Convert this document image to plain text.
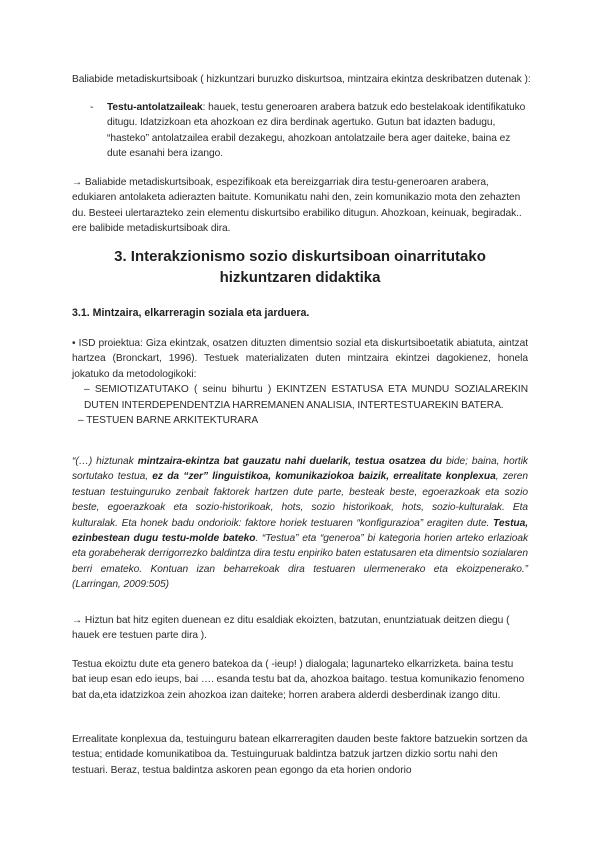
Baliabide metadiskurtsiboak ( hizkuntzari buruzko diskurtsoa, mintzaira ekintza deskribatzen dutenak ):

- Testu-antolatzaileak: hauek, testu generoaren arabera batzuk edo bestelakoak identifikatuko ditugu. Idatzizkoan eta ahozkoan ez dira berdinak agertuko. Gutun bat idazten badugu, “hasteko” antolatzailea erabil dezakegu, ahozkoan antolatzaile bera ager daiteke, baina ez dute esanahi bera izango.

→ Baliabide metadiskurtsiboak, espezifikoak eta bereizgarriak dira testu-generoaren arabera, edukiaren antolaketa adierazten baitute. Komunikatu nahi den, zein komunikazio mota den zehazten du. Besteei ulertarazteko zein elementu diskurtsibo erabiliko ditugun. Ahozkoan, keinuak, begiradak.. ere balibide metadiskurtsiboak dira.

3. Interakzionismo sozio diskurtsiboan oinarritutako
hizkuntzaren didaktika
3.1. Mintzaira, elkarreragin soziala eta jarduera.
• ISD proiektua: Giza ekintzak, osatzen dituzten dimentsio sozial eta diskurtsiboetatik abiatuta, aintzat hartzea (Bronckart, 1996). Testuek materializaten duten mintzaira ekintzei dagokienez, honela jokatuko da metodologikoki:
– SEMIOTIZATUTAKO ( seinu bihurtu ) EKINTZEN ESTATUSA ETA MUNDU SOZIALAREKIN DUTEN INTERDEPENDENTZIA HARREMANEN ANALISIA, INTERTESTUAREKIN BATERA.
– TESTUEN BARNE ARKITEKTURARA

“(…) hiztunak mintzaira-ekintza bat gauzatu nahi duelarik, testua osatzea du bide; baina, hortik sortutako testua, ez da “zer” linguistikoa, komunikaziokoa baizik, errealitate konplexua, zeren testuan testuinguruko zenbait faktorek hartzen dute parte, besteak beste, egoerazkoak eta sozio beste, egoerazkoak eta sozio-historikoak, hots, sozio historikoak, hots, sozio-kulturalak. Eta kulturalak. Eta honek badu ondorioik: faktore horiek testuaren “konfigurazioa” eragiten dute. Testua, ezinbestean dugu testu-molde bateko. “Testua” eta “generoa” bi kategoria horien arteko erlazioak eta gorabeherak derrigorrezko baldintza dira testu enpiriko baten estatusaren eta dimentsio sozialaren berri emateko. Kontuan izan beharrekoak dira testuaren ulermenerako eta ekoizpenerako.” (Larringan, 2009:505)

→ Hiztun bat hitz egiten duenean ez ditu esaldiak ekoizten, batzutan, enuntziatuak deitzen diegu ( hauek ere testuen parte dira ).

Testua ekoiztu dute eta genero batekoa da ( -ieup! ) dialogala; lagunarteko elkarrizketa. baina testu bat ieup esan edo ieups, bai …. esanda testu bat da, ahozkoa baitago. testua komunikazio fenomeno bat da,eta idatzizkoa zein ahozkoa izan daiteke; horren arabera alderdi desberdinak izango ditu.

Errealitate konplexua da, testuinguru batean elkarreragiten dauden beste faktore batzuekin sortzen da testua; entidade komunikatiboa da. Testuinguruak baldintza batzuk jartzen dizkio sortu nahi den testuari. Beraz, testua baldintza askoren pean egongo da eta horien ondorio
